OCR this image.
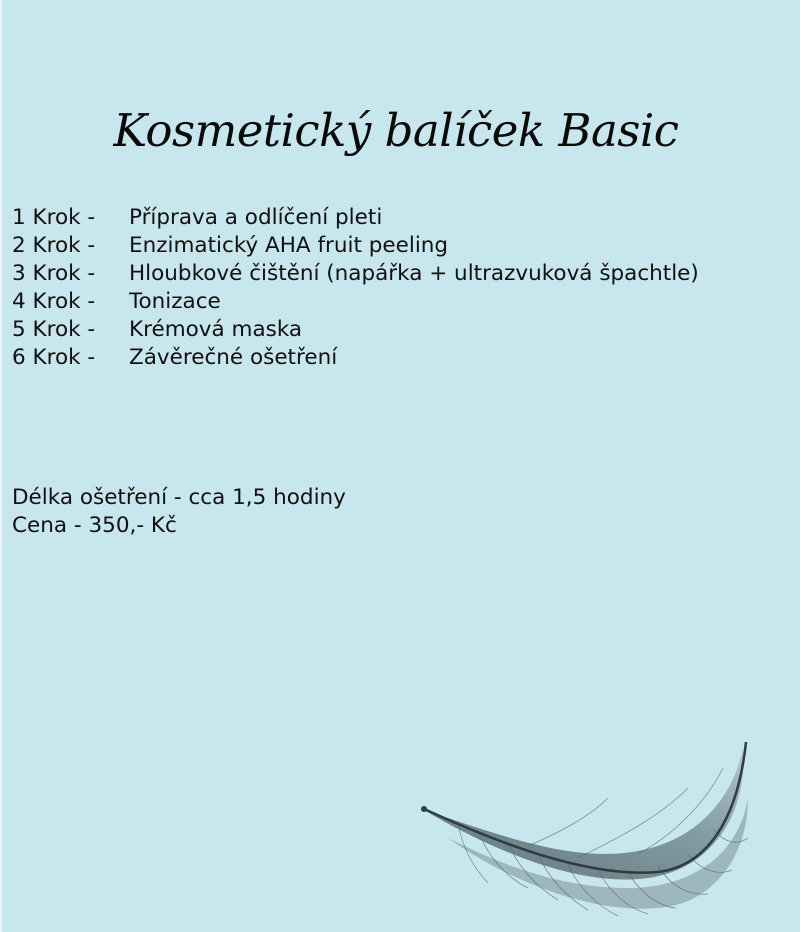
Kosmetický balíček Basic
1 Krok -	Příprava a odlíčení pleti
2 Krok -	Enzimatický AHA fruit peeling
3 Krok -	Hloubkové čištění (napářka + ultrazvuková špachtle)
4 Krok -	Tonizace
5 Krok -	Krémová maska
6 Krok -	Závěrečné ošetření
Délka ošetření - cca 1,5 hodiny
Cena - 350,- Kč
